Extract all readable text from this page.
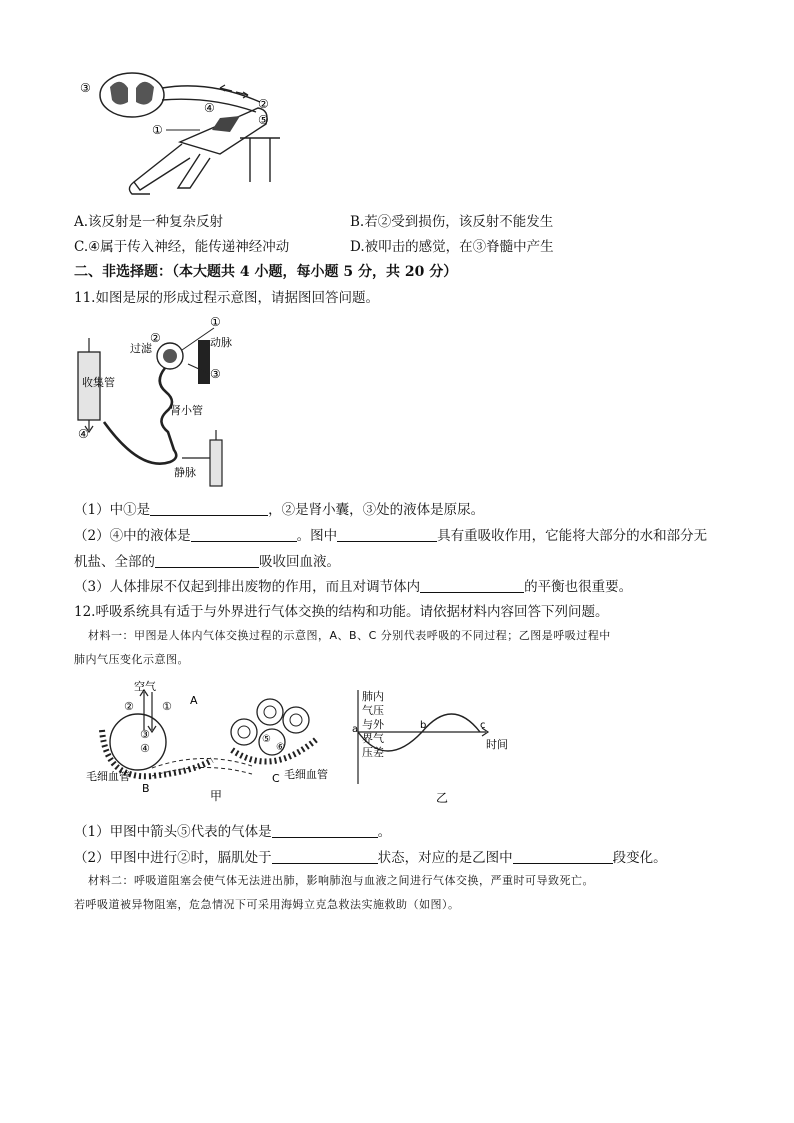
③
②
④
⑤
①
A.该反射是一种复杂反射	B.若②受到损伤，该反射不能发生
C.④属于传入神经，能传递神经冲动	D.被叩击的感觉，在③脊髓中产生
二、非选择题：（本大题共 4 小题，每小题 5 分，共 20 分）
11.如图是尿的形成过程示意图，请据图回答问题。
④
收集管
②
①
过滤	动脉
③
肾小管
静脉
（1）中①是	，②是肾小囊，③处的液体是原尿。
（2）④中的液体是	。图中	具有重吸收作用，它能将大部分的水和部分无
机盐、全部的	吸收回血液。
（3）人体排尿不仅起到排出废物的作用，而且对调节体内	的平衡也很重要。
12.呼吸系统具有适于与外界进行气体交换的结构和功能。请依据材料内容回答下列问题。
材料一：甲图是人体内气体交换过程的示意图，A、B、C 分别代表呼吸的不同过程；乙图是呼吸过程中
肺内气压变化示意图。
空气
②	① A
③
④
B
毛细血管
⑤
⑥
C 毛细血管
甲
肺内
气压
与外
界气
压差
a	b	c
时间
乙
（1）甲图中箭头⑤代表的气体是	。
（2）甲图中进行②时，膈肌处于	状态，对应的是乙图中	段变化。
材料二：呼吸道阻塞会使气体无法进出肺，影响肺泡与血液之间进行气体交换，严重时可导致死亡。
若呼吸道被异物阻塞，危急情况下可采用海姆立克急救法实施救助（如图）。
